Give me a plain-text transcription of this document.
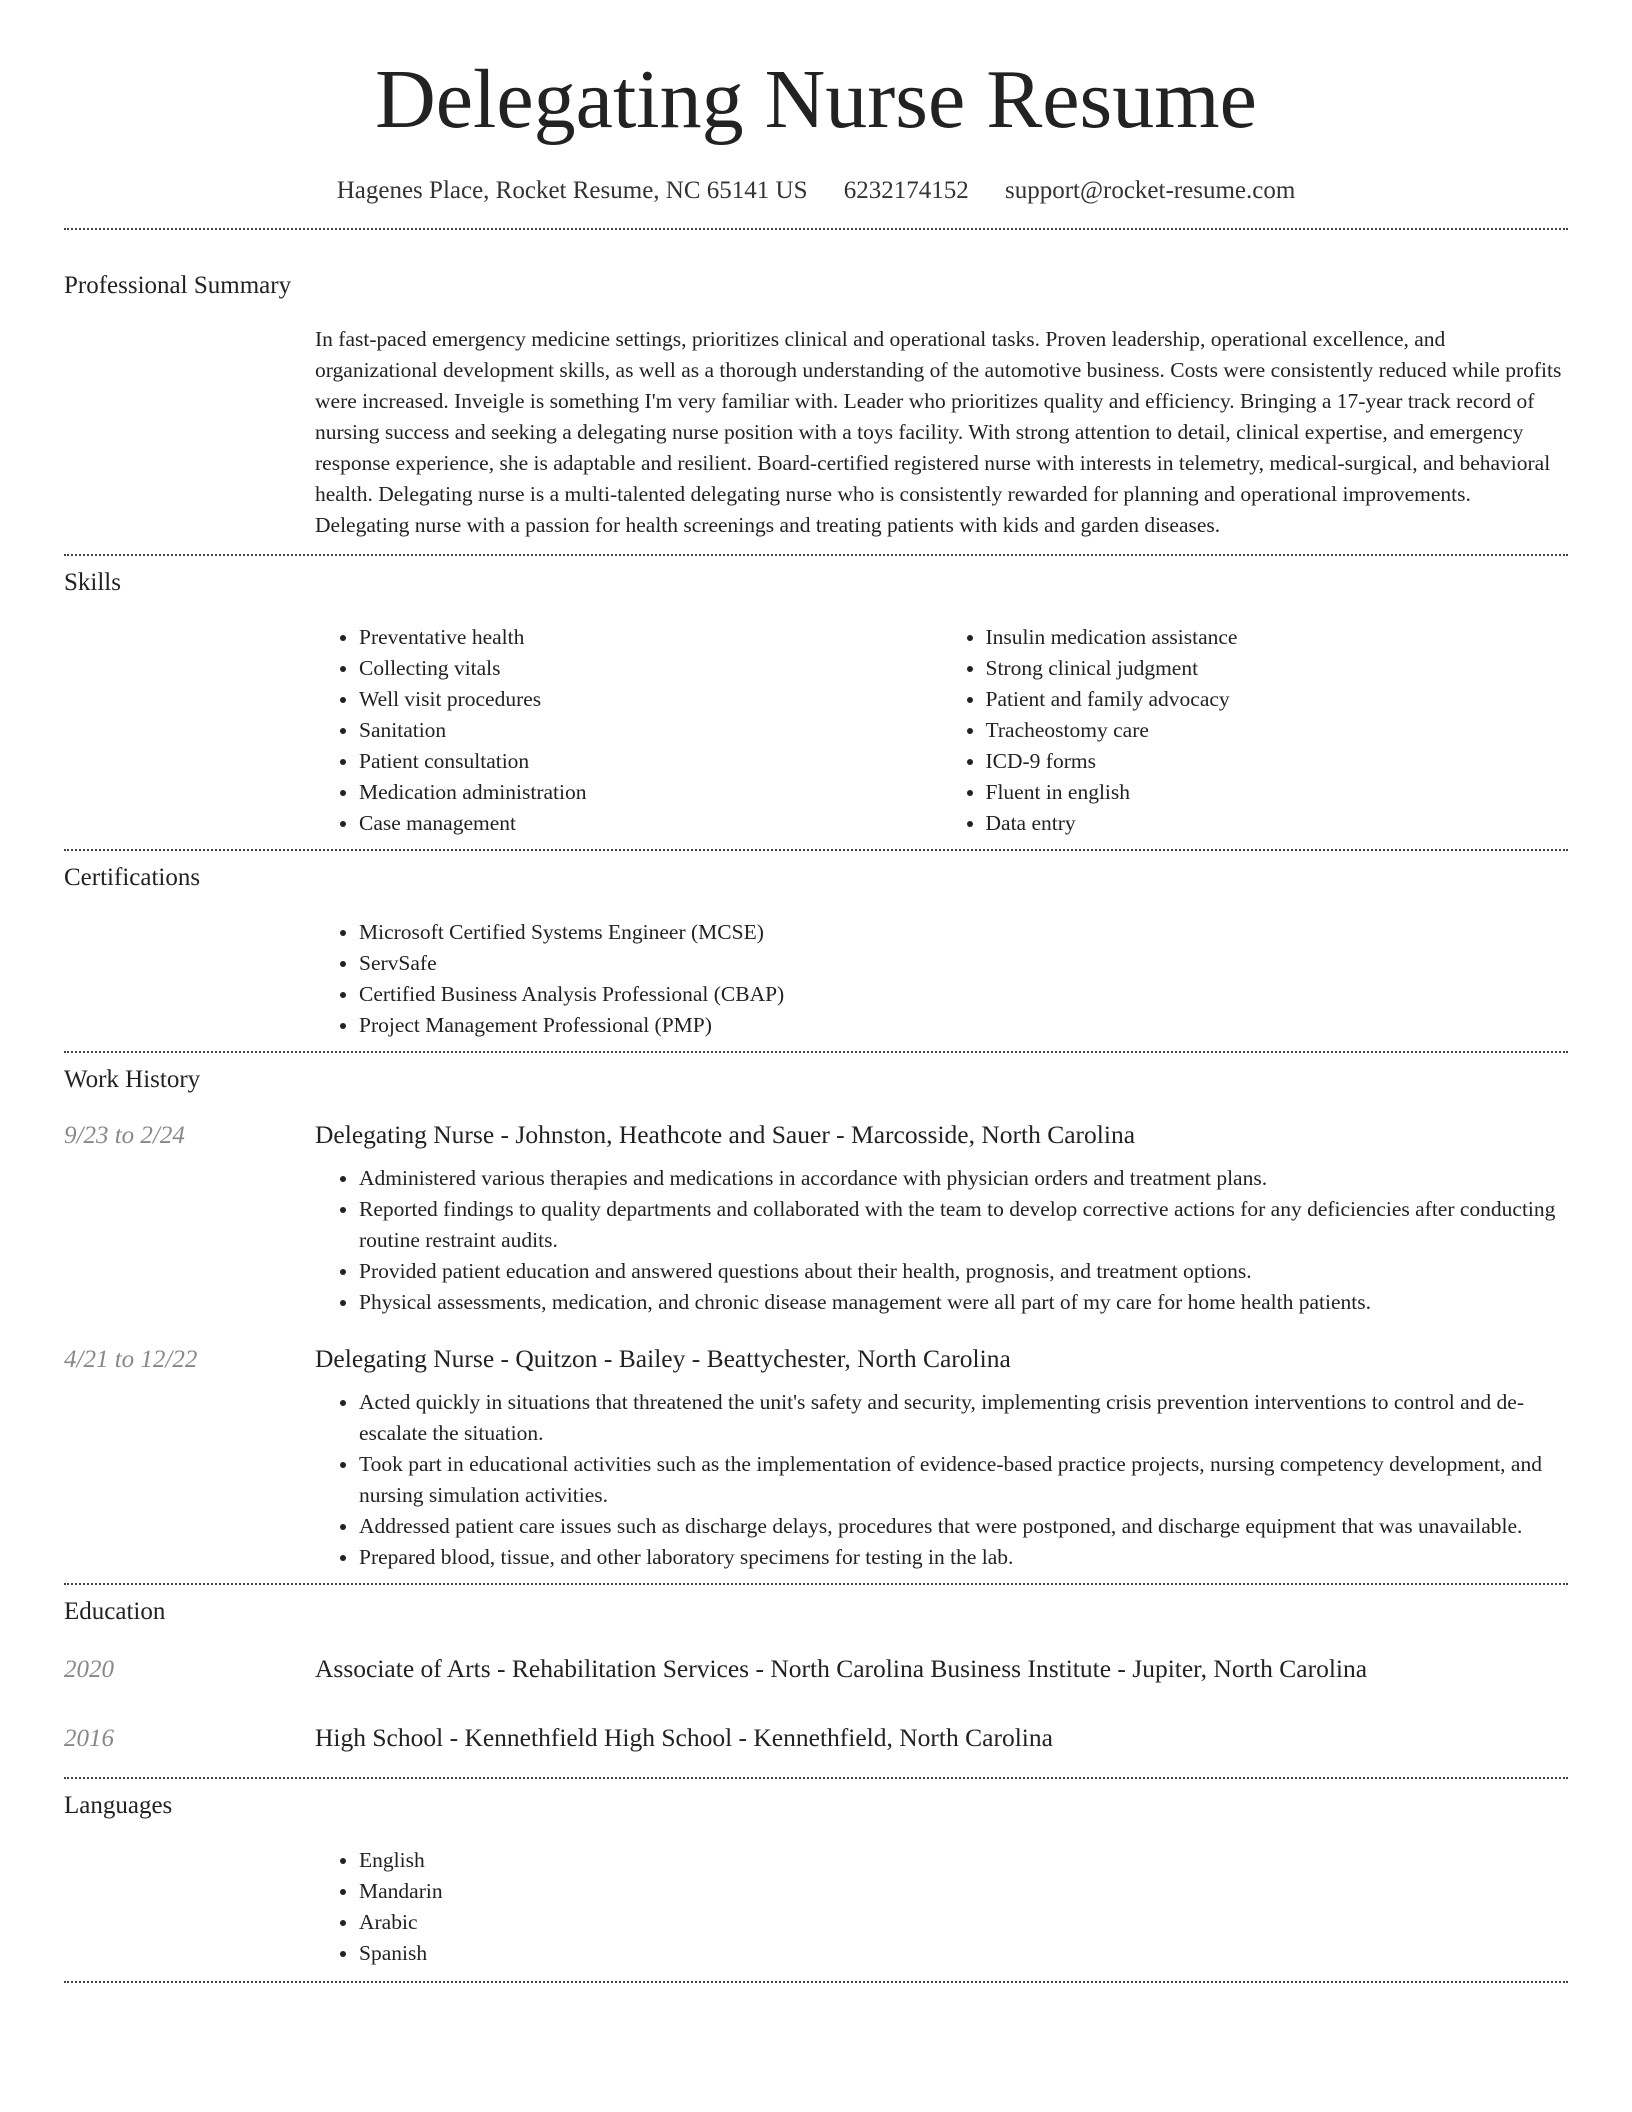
Delegating Nurse Resume
Hagenes Place, Rocket Resume, NC 65141 US 6232174152 support@rocket-resume.com
Professional Summary

In fast-paced emergency medicine settings, prioritizes clinical and operational tasks. Proven leadership, operational excellence, and organizational development skills, as well as a thorough understanding of the automotive business. Costs were consistently reduced while profits were increased. Inveigle is something I'm very familiar with. Leader who prioritizes quality and efficiency. Bringing a 17-year track record of nursing success and seeking a delegating nurse position with a toys facility. With strong attention to detail, clinical expertise, and emergency response experience, she is adaptable and resilient. Board-certified registered nurse with interests in telemetry, medical-surgical, and behavioral health. Delegating nurse is a multi-talented delegating nurse who is consistently rewarded for planning and operational improvements. Delegating nurse with a passion for health screenings and treating patients with kids and garden diseases.

Skills
• Preventative health
• Collecting vitals
• Well visit procedures
• Sanitation
• Patient consultation
• Medication administration
• Case management
• Insulin medication assistance
• Strong clinical judgment
• Patient and family advocacy
• Tracheostomy care
• ICD-9 forms
• Fluent in english
• Data entry
Certifications
• Microsoft Certified Systems Engineer (MCSE)
• ServSafe
• Certified Business Analysis Professional (CBAP)
• Project Management Professional (PMP)
Work History
9/23 to 2/24	Delegating Nurse - Johnston, Heathcote and Sauer - Marcosside, North Carolina
• Administered various therapies and medications in accordance with physician orders and treatment plans.
• Reported findings to quality departments and collaborated with the team to develop corrective actions for any deficiencies after conducting routine restraint audits.
• Provided patient education and answered questions about their health, prognosis, and treatment options.
• Physical assessments, medication, and chronic disease management were all part of my care for home health patients.
4/21 to 12/22	Delegating Nurse - Quitzon - Bailey - Beattychester, North Carolina
• Acted quickly in situations that threatened the unit's safety and security, implementing crisis prevention interventions to control and de-escalate the situation.
• Took part in educational activities such as the implementation of evidence-based practice projects, nursing competency development, and nursing simulation activities.
• Addressed patient care issues such as discharge delays, procedures that were postponed, and discharge equipment that was unavailable.
• Prepared blood, tissue, and other laboratory specimens for testing in the lab.
Education
2020	Associate of Arts - Rehabilitation Services - North Carolina Business Institute - Jupiter, North Carolina
2016	High School - Kennethfield High School - Kennethfield, North Carolina
Languages
• English
• Mandarin
• Arabic
• Spanish
